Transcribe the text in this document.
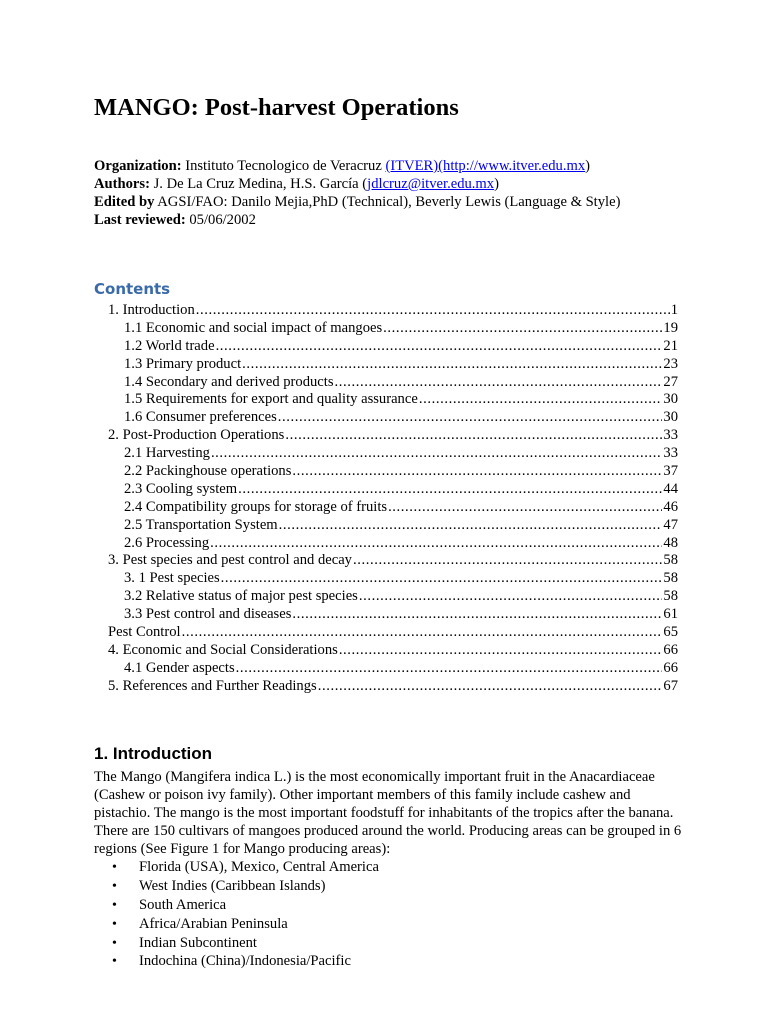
MANGO: Post-harvest Operations
Organization: Instituto Tecnologico de Veracruz (ITVER)(http://www.itver.edu.mx)
Authors: J. De La Cruz Medina, H.S. García (jdlcruz@itver.edu.mx)
Edited by AGSI/FAO: Danilo Mejia,PhD (Technical), Beverly Lewis (Language & Style)
Last reviewed: 05/06/2002
Contents
1. Introduction .....	1
1.1 Economic and social impact of mangoes .....	19
1.2 World trade .....	21
1.3 Primary product .....	23
1.4 Secondary and derived products .....	27
1.5 Requirements for export and quality assurance .....	30
1.6 Consumer preferences .....	30
2. Post-Production Operations .....	33
2.1 Harvesting .....	33
2.2 Packinghouse operations .....	37
2.3 Cooling system .....	44
2.4 Compatibility groups for storage of fruits .....	46
2.5 Transportation System .....	47
2.6 Processing .....	48
3. Pest species and pest control and decay .....	58
3. 1 Pest species .....	58
3.2 Relative status of major pest species .....	58
3.3 Pest control and diseases .....	61
Pest Control .....	65
4. Economic and Social Considerations .....	66
4.1 Gender aspects .....	66
5. References and Further Readings .....	67
1. Introduction

The Mango (Mangifera indica L.) is the most economically important fruit in the Anacardiaceae (Cashew or poison ivy family). Other important members of this family include cashew and pistachio. The mango is the most important foodstuff for inhabitants of the tropics after the banana. There are 150 cultivars of mangoes produced around the world. Producing areas can be grouped in 6 regions (See Figure 1 for Mango producing areas):

•	Florida (USA), Mexico, Central America
•	West Indies (Caribbean Islands)
•	South America
•	Africa/Arabian Peninsula
•	Indian Subcontinent
•	Indochina (China)/Indonesia/Pacific
